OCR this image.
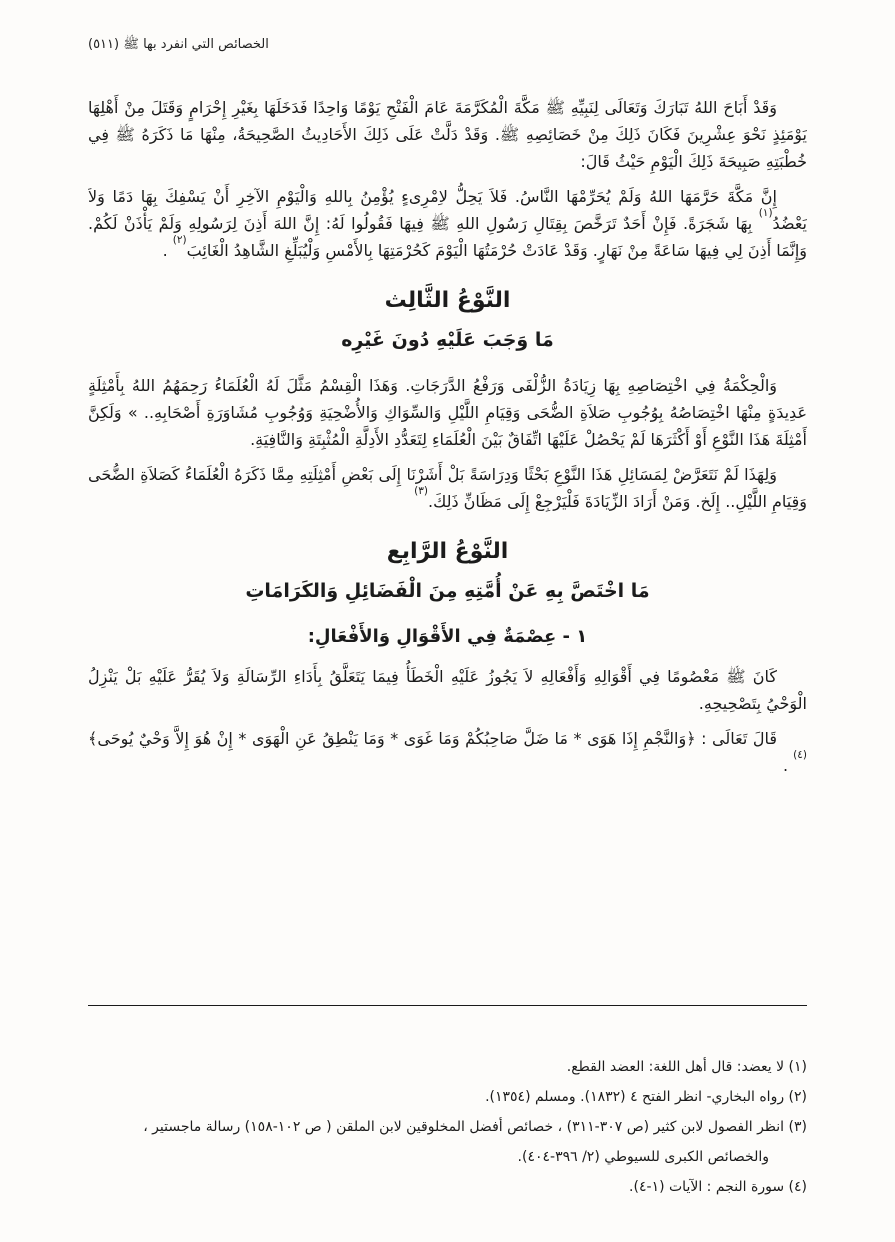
الخصائص التي انفرد بها ﷺ (٥١١)

وَقَدْ أَبَاحَ اللهُ تَبَارَكَ وَتَعَالَى لِنَبِيِّهِ ﷺ مَكَّةَ الْمُكَرَّمَةَ عَامَ الْفَتْحِ يَوْمًا وَاحِدًا فَدَخَلَهَا بِغَيْرِ إِحْرَامٍ وَقَتَلَ مِنْ أَهْلِهَا يَوْمَئِذٍ نَحْوَ عِشْرِينَ فَكَانَ ذَلِكَ مِنْ خَصَائِصِهِ ﷺ. وَقَدْ دَلَّتْ عَلَى ذَلِكَ الأَحَادِيثُ الصَّحِيحَةُ، مِنْهَا مَا ذَكَرَهُ ﷺ فِي خُطْبَتِهِ صَبِيحَةَ ذَلِكَ الْيَوْمِ حَيْثُ قَالَ:

إِنَّ مَكَّةَ حَرَّمَهَا اللهُ وَلَمْ يُحَرِّمْهَا النَّاسُ. فَلاَ يَحِلُّ لاِمْرِىءٍ يُؤْمِنُ بِاللهِ وَالْيَوْمِ الآخِرِ أَنْ يَسْفِكَ بِهَا دَمًا وَلاَ يَعْضُدُ$^{(١)}$ بِهَا شَجَرَةً. فَإِنْ أَحَدٌ تَرَخَّصَ بِقِتَالِ رَسُولِ اللهِ ﷺ فِيهَا فَقُولُوا لَهُ: إِنَّ اللهَ أَذِنَ لِرَسُولِهِ وَلَمْ يَأْذَنْ لَكُمْ. وَإِنَّمَا أَذِنَ لِي فِيهَا سَاعَةً مِنْ نَهَارٍ. وَقَدْ عَادَتْ حُرْمَتُهَا الْيَوْمَ كَحُرْمَتِهَا بِالأَمْسِ وَلْيُبَلِّغِ الشَّاهِدُ الْغَائِبَ$^{(٢)}$ .

النَّوْعُ الثَّالِث
مَا وَجَبَ عَلَيْهِ دُونَ غَيْرِه

وَالْحِكْمَةُ فِي اخْتِصَاصِهِ بِهَا زِيَادَةُ الزُّلْفَى وَرَفْعُ الدَّرَجَاتِ. وَهَذَا الْقِسْمُ مَثَّلَ لَهُ الْعُلَمَاءُ رَحِمَهُمُ اللهُ بِأَمْثِلَةٍ عَدِيدَةٍ مِنْهَا اخْتِصَاصُهُ بِوُجُوبِ صَلاَةِ الضُّحَى وَقِيَامِ اللَّيْلِ وَالسِّوَاكِ وَالأُضْحِيَةِ وَوُجُوبِ مُشَاوَرَةِ أَصْحَابِهِ.. » وَلَكِنَّ أَمْثِلَةَ هَذَا النَّوْعِ أَوْ أَكْثَرَهَا لَمْ يَحْصُلْ عَلَيْهَا اتِّفَاقٌ بَيْنَ الْعُلَمَاءِ لِتَعَدُّدِ الأَدِلَّةِ الْمُثْبِتَةِ وَالنَّافِيَةِ.

وَلِهَذَا لَمْ نَتَعَرَّضْ لِمَسَائِلِ هَذَا النَّوْعِ بَحْثًا وَدِرَاسَةً بَلْ أَشَرْنَا إِلَى بَعْضِ أَمْثِلَتِهِ مِمَّا ذَكَرَهُ الْعُلَمَاءُ كَصَلاَةِ الضُّحَى وَقِيَامِ اللَّيْلِ.. إِلَخ. وَمَنْ أَرَادَ الزِّيَادَةَ فَلْيَرْجِعْ إِلَى مَظَانِّ ذَلِكَ.$^{(٣)}$

النَّوْعُ الرَّابِع
مَا اخْتَصَّ بِهِ عَنْ أُمَّتِهِ مِنَ الْفَضَائِلِ وَالكَرَامَاتِ
١ - عِصْمَةٌ فِي الأَقْوَالِ وَالأَفْعَالِ:

كَانَ ﷺ مَعْصُومًا فِي أَقْوَالِهِ وَأَفْعَالِهِ لاَ يَجُوزُ عَلَيْهِ الْخَطَأُ فِيمَا يَتَعَلَّقُ بِأَدَاءِ الرِّسَالَةِ وَلاَ يُقَرُّ عَلَيْهِ بَلْ يَنْزِلُ الْوَحْيُ بِتَصْحِيحِهِ.

قَالَ تَعَالَى : ﴿وَالنَّجْمِ إِذَا هَوَى * مَا ضَلَّ صَاحِبُكُمْ وَمَا غَوَى * وَمَا يَنْطِقُ عَنِ الْهَوَى * إِنْ هُوَ إِلاَّ وَحْيٌ يُوحَى﴾$^{(٤)}$ .

(١) لا يعضد: قال أهل اللغة: العضد القطع.

(٢) رواه البخاري- انظر الفتح ٤ (١٨٣٢). ومسلم (١٣٥٤).

(٣) انظر الفصول لابن كثير (ص ٣٠٧-٣١١) ، خصائص أفضل المخلوقين لابن الملقن ( ص ١٠٢-١٥٨) رسالة ماجستير ، والخصائص الكبرى للسيوطي (٢/ ٣٩٦-٤٠٤).

(٤) سورة النجم : الآيات (١-٤).
